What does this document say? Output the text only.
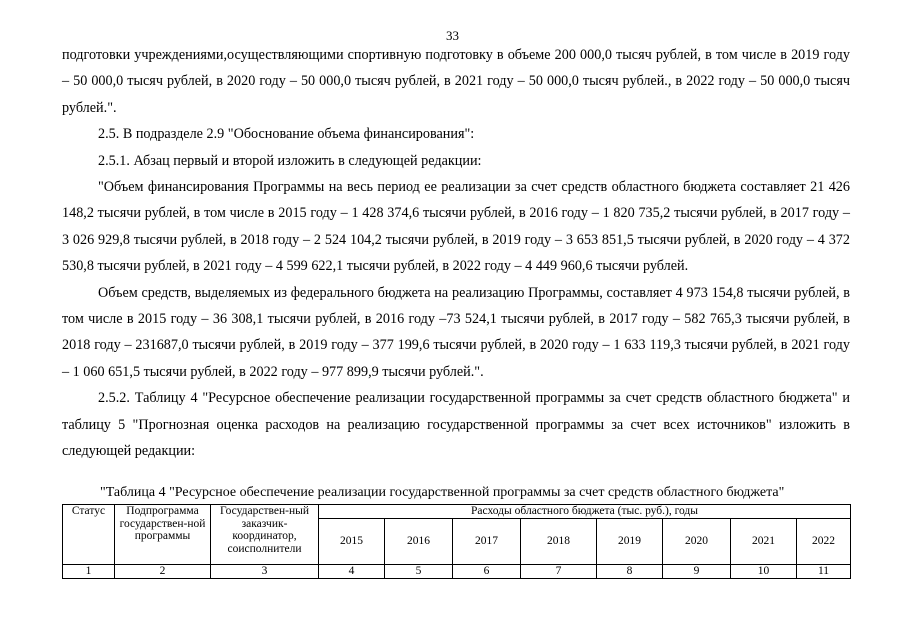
33

подготовки учреждениями,осуществляющими спортивную подготовку в объеме 200 000,0 тысяч рублей, в том числе в 2019 году – 50 000,0 тысяч рублей, в 2020 году – 50 000,0 тысяч рублей, в 2021 году – 50 000,0 тысяч рублей., в 2022 году – 50 000,0 тысяч рублей.".

2.5. В подразделе 2.9 "Обоснование объема финансирования":

2.5.1. Абзац первый и второй изложить в следующей редакции:

"Объем финансирования Программы на весь период ее реализации за счет средств областного бюджета составляет 21 426 148,2 тысячи рублей, в том числе в 2015 году – 1 428 374,6 тысячи рублей, в 2016 году – 1 820 735,2 тысячи рублей, в 2017 году – 3 026 929,8 тысячи рублей, в 2018 году – 2 524 104,2 тысячи рублей, в 2019 году – 3 653 851,5 тысячи рублей, в 2020 году – 4 372 530,8 тысячи рублей, в 2021 году – 4 599 622,1 тысячи рублей, в 2022 году – 4 449 960,6 тысячи рублей.

Объем средств, выделяемых из федерального бюджета на реализацию Программы, составляет 4 973 154,8 тысячи рублей, в том числе в 2015 году – 36 308,1 тысячи рублей, в 2016 году –73 524,1 тысячи рублей, в 2017 году – 582 765,3 тысячи рублей, в 2018 году – 231687,0 тысячи рублей, в 2019 году – 377 199,6 тысячи рублей, в 2020 году – 1 633 119,3 тысячи рублей, в 2021 году – 1 060 651,5 тысячи рублей, в 2022 году – 977 899,9 тысячи рублей.".

2.5.2. Таблицу 4 "Ресурсное обеспечение реализации государственной программы за счет средств областного бюджета" и таблицу 5 "Прогнозная оценка расходов на реализацию государственной программы за счет всех источников" изложить в следующей редакции:

"Таблица 4 "Ресурсное обеспечение реализации государственной программы за счет средств областного бюджета"
Статус	Подпрограмма государствен-ной программы	Государствен-ный заказчик-координатор, соисполнители	Расходы областного бюджета (тыс. руб.), годы							
			2015	2016	2017	2018	2019	2020	2021	2022
1	2	3	4	5	6	7	8	9	10	11
